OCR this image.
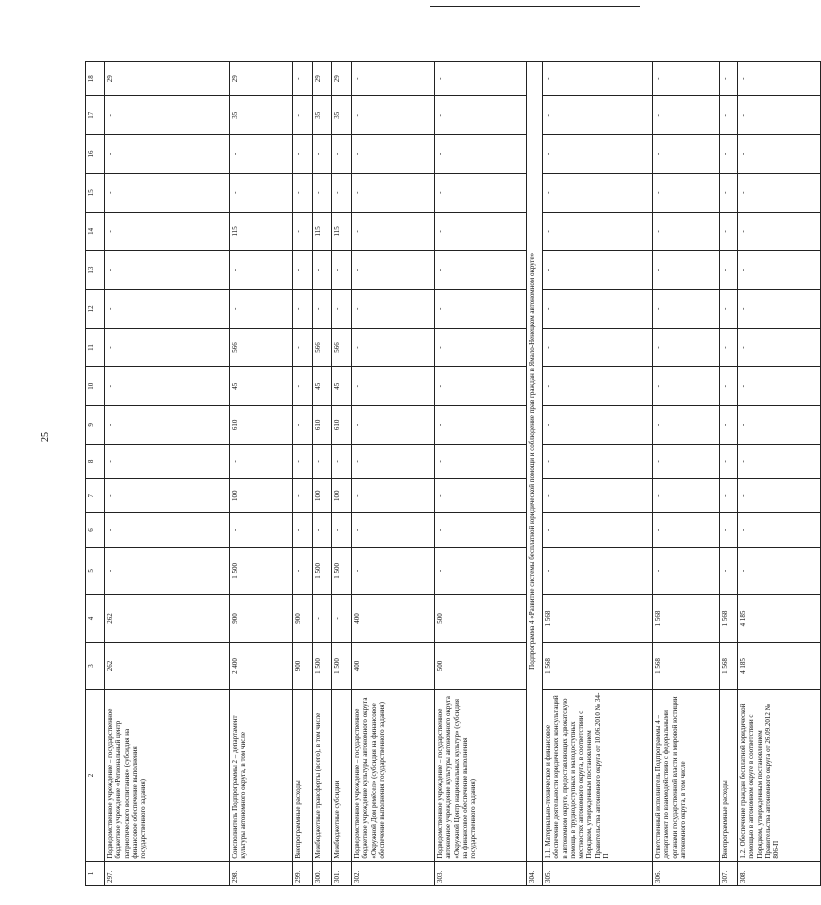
25
1	2	3	4	5	6	7	8	9	10	11	12	13	14	15	16	17	18
297.	Подведомственное учреждение – государственное бюджетное учреждение «Региональный центр патриотического воспитания» (субсидия на финансовое обеспечение выполнения государственного задания)	262	262	-	-	-	-	-	-	-	-	-	-	-	-	-	29
298.	Соисполнитель Подпрограммы 2 – департамент культуры автономного округа, в том числе	2 400	900	1 500	-	100	-	610	45	566	-	-	115	-	-	35	29
299.	Внепрограммные расходы	900	900	-	-	-	-	-	-	-	-	-	-	-	-	-	-
300.	Межбюджетные трансферты (всего), в том числе	1 500	-	1 500	-	100	-	610	45	566	-	-	115	-	-	35	29
301.	Межбюджетные субсидии	1 500	-	1 500	-	100	-	610	45	566	-	-	115	-	-	35	29
302.	Подведомственное учреждение – государственное бюджетное учреждение культуры автономного округа «Окружной Дом ремёсел» (субсидия на финансовое обеспечение выполнения государственного задания)	400	400	-	-	-	-	-	-	-	-	-	-	-	-	-	-
303.	Подведомственное учреждение – государственное автономное учреждение культуры автономного округа «Окружной Центр национальных культур» (субсидия на финансовое обеспечение выполнения государственного задания)	500	500	-	-	-	-	-	-	-	-	-	-	-	-	-	-
304.	Подпрограмма 4 «Развитие системы бесплатной юридической помощи и соблюдение прав граждан в Ямало-Ненецком автономном округе»																
305.	1.1. Материально-техническое и финансовое обеспечение деятельности юридических консультаций в автономном округе, предоставляющих адвокатскую помощь в труднодоступных и малодоступных местностях автономного округа, в соответствии с Порядком, утвержденным постановлением Правительства автономного округа от 10.06.2010 № 34-П	1 568	1 568	-	-	-	-	-	-	-	-	-	-	-	-	-	-
306.	Ответственный исполнитель Подпрограммы 4 – департамент по взаимодействию с федеральными органами государственной власти и мировой юстиции автономного округа, в том числе	1 568	1 568	-	-	-	-	-	-	-	-	-	-	-	-	-	-
307.	Внепрограммные расходы	1 568	1 568	-	-	-	-	-	-	-	-	-	-	-	-	-	-
308.	1.2. Обеспечение граждан бесплатной юридической помощью в автономном округе в соответствии с Порядком, утвержденным постановлением Правительства автономного округа от 26.09.2012 № 806-П	4 185	4 185	-	-	-	-	-	-	-	-	-	-	-	-	-	-
